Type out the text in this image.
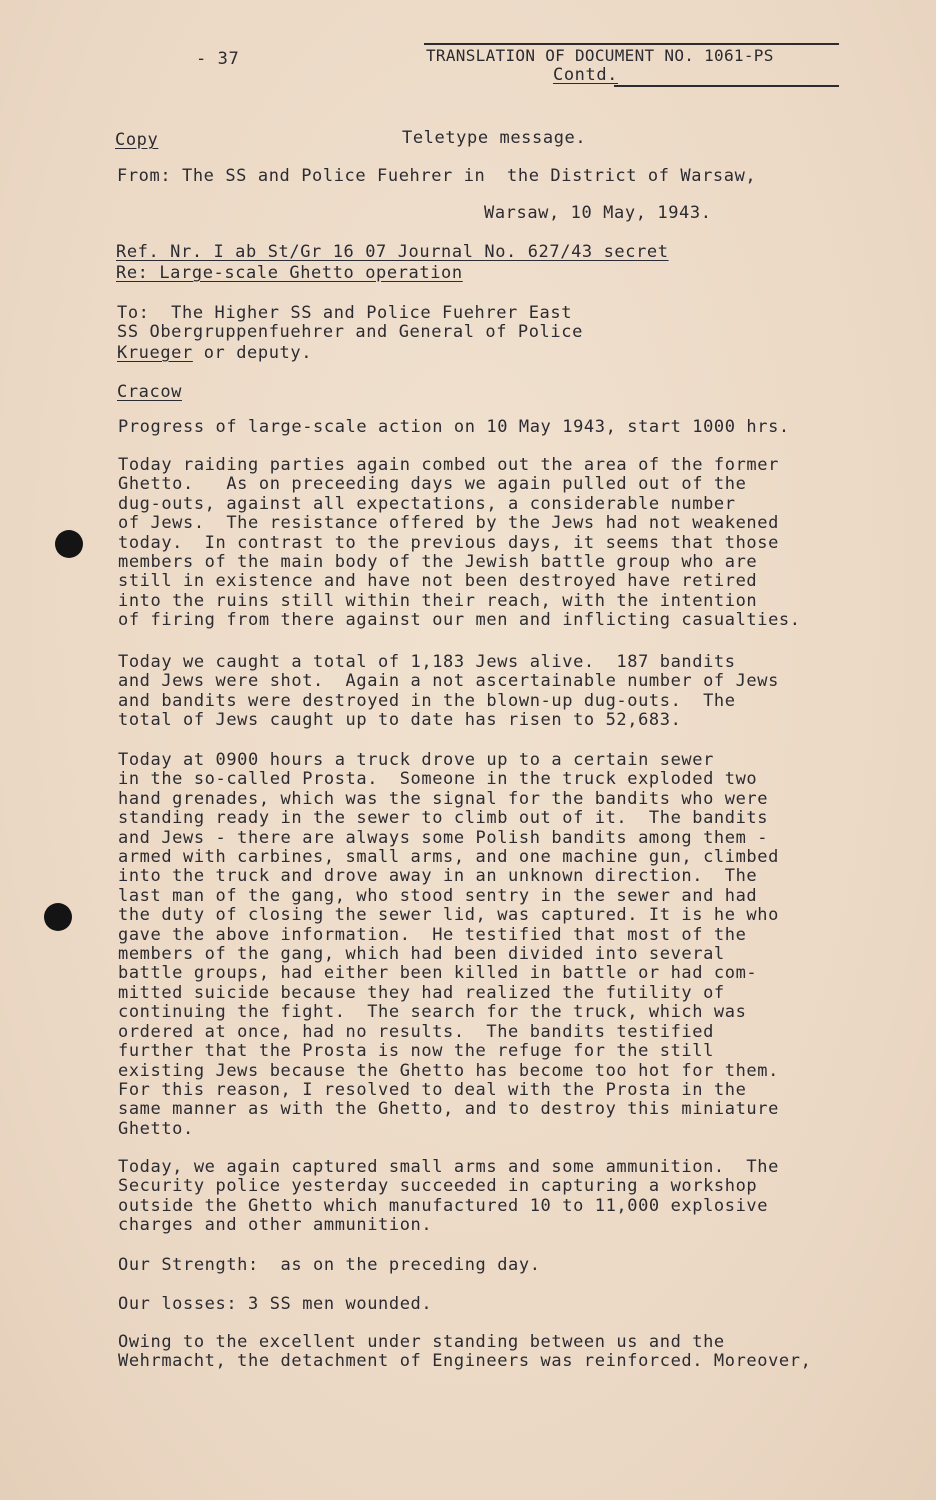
- 37	TRANSLATION OF DOCUMENT NO. 1061-PS
Contd.
Copy	Teletype message.
From: The SS and Police Fuehrer in  the District of Warsaw,
Warsaw, 10 May, 1943.
Ref. Nr. I ab St/Gr 16 07 Journal No. 627/43 secret
Re: Large-scale Ghetto operation
To:  The Higher SS and Police Fuehrer East
SS Obergruppenfuehrer and General of Police
Krueger or deputy.
Cracow
Progress of large-scale action on 10 May 1943, start 1000 hrs.
Today raiding parties again combed out the area of the former
Ghetto.   As on preceeding days we again pulled out of the
dug-outs, against all expectations, a considerable number
of Jews.  The resistance offered by the Jews had not weakened
today.  In contrast to the previous days, it seems that those
members of the main body of the Jewish battle group who are
still in existence and have not been destroyed have retired
into the ruins still within their reach, with the intention
of firing from there against our men and inflicting casualties.
Today we caught a total of 1,183 Jews alive.  187 bandits
and Jews were shot.  Again a not ascertainable number of Jews
and bandits were destroyed in the blown-up dug-outs.  The
total of Jews caught up to date has risen to 52,683.
Today at 0900 hours a truck drove up to a certain sewer
in the so-called Prosta.  Someone in the truck exploded two
hand grenades, which was the signal for the bandits who were
standing ready in the sewer to climb out of it.  The bandits
and Jews - there are always some Polish bandits among them -
armed with carbines, small arms, and one machine gun, climbed
into the truck and drove away in an unknown direction.  The
last man of the gang, who stood sentry in the sewer and had
the duty of closing the sewer lid, was captured. It is he who
gave the above information.  He testified that most of the
members of the gang, which had been divided into several
battle groups, had either been killed in battle or had com-
mitted suicide because they had realized the futility of
continuing the fight.  The search for the truck, which was
ordered at once, had no results.  The bandits testified
further that the Prosta is now the refuge for the still
existing Jews because the Ghetto has become too hot for them.
For this reason, I resolved to deal with the Prosta in the
same manner as with the Ghetto, and to destroy this miniature
Ghetto.
Today, we again captured small arms and some ammunition.  The
Security police yesterday succeeded in capturing a workshop
outside the Ghetto which manufactured 10 to 11,000 explosive
charges and other ammunition.
Our Strength:  as on the preceding day.
Our losses: 3 SS men wounded.
Owing to the excellent under standing between us and the
Wehrmacht, the detachment of Engineers was reinforced. Moreover,
